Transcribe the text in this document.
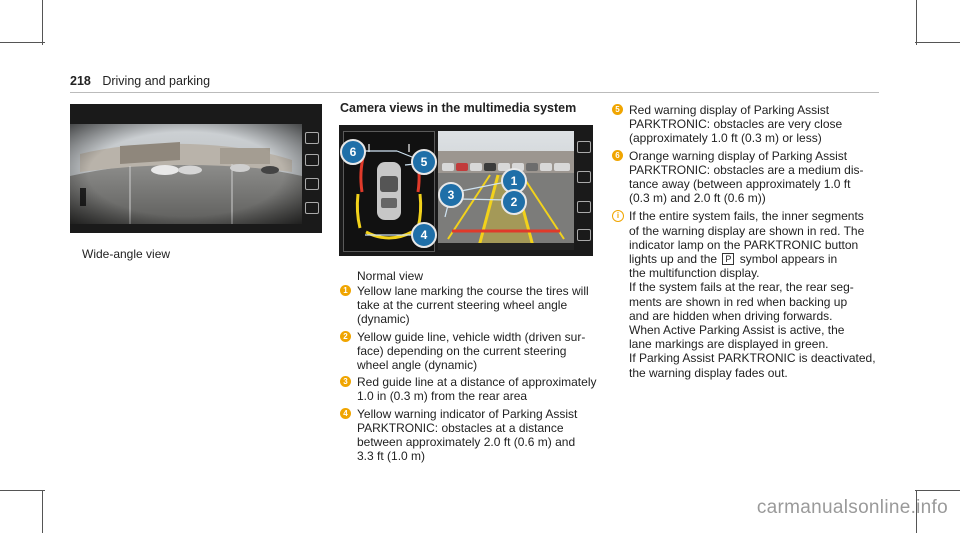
218 Driving and parking
Wide-angle view
Camera views in the multimedia system
6
5
1
3	2
4
Normal view
1 Yellow lane marking the course the tires will
take at the current steering wheel angle
(dynamic)
2 Yellow guide line, vehicle width (driven sur-
face) depending on the current steering
wheel angle (dynamic)
3 Red guide line at a distance of approximately
1.0 in (0.3 m) from the rear area
4 Yellow warning indicator of Parking Assist
PARKTRONIC: obstacles at a distance
between approximately 2.0 ft (0.6 m) and
3.3 ft (1.0 m)
5 Red warning display of Parking Assist
PARKTRONIC: obstacles are very close
(approximately 1.0 ft (0.3 m) or less)
6 Orange warning display of Parking Assist
PARKTRONIC: obstacles are a medium dis-
tance away (between approximately 1.0 ft
(0.3 m) and 2.0 ft (0.6 m))
i If the entire system fails, the inner segments
of the warning display are shown in red. The
indicator lamp on the PARKTRONIC button
lights up and the P symbol appears in
the multifunction display.
If the system fails at the rear, the rear seg-
ments are shown in red when backing up
and are hidden when driving forwards.
When Active Parking Assist is active, the
lane markings are displayed in green.
If Parking Assist PARKTRONIC is deactivated,
the warning display fades out.
carmanualsonline.info
